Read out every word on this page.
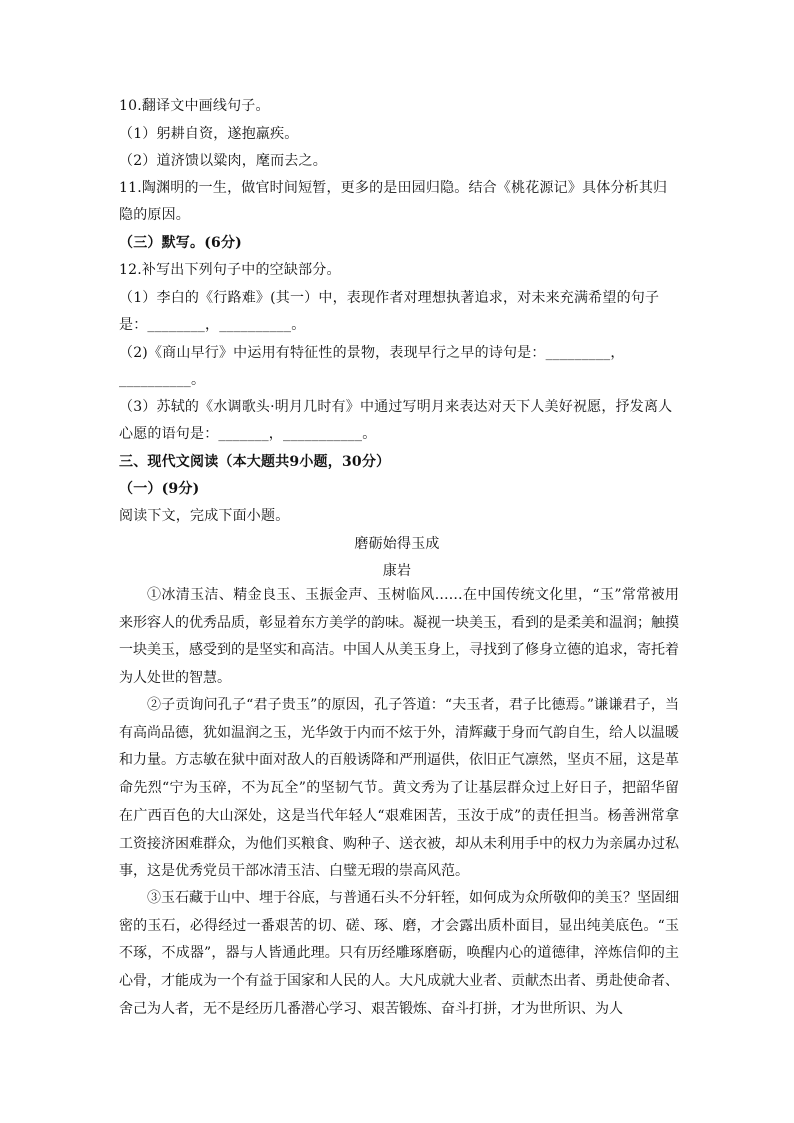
10.翻译文中画线句子。
（1）躬耕自资，遂抱羸疾。
（2）道济馈以粱肉，麾而去之。
11.陶渊明的一生，做官时间短暂，更多的是田园归隐。结合《桃花源记》具体分析其归
隐的原因。
（三）默写。(6分)
12.补写出下列句子中的空缺部分。
（1）李白的《行路难》(其一）中，表现作者对理想执著追求，对未来充满希望的句子
是：________，__________。
（2)《商山早行》中运用有特征性的景物，表现早行之早的诗句是：_________，
__________。
（3）苏轼的《水调歌头·明月几时有》中通过写明月来表达对天下人美好祝愿，抒发离人
心愿的语句是：_______，___________。
三、现代文阅读（本大题共9小题，30分）
（一）(9分)
阅读下文，完成下面小题。
磨砺始得玉成
康岩

①冰清玉洁、精金良玉、玉振金声、玉树临风……在中国传统文化里，“玉”常常被用来形容人的优秀品质，彰显着东方美学的韵味。凝视一块美玉，看到的是柔美和温润；触摸一块美玉，感受到的是坚实和高洁。中国人从美玉身上，寻找到了修身立德的追求，寄托着为人处世的智慧。

②子贡询问孔子“君子贵玉”的原因，孔子答道：“夫玉者，君子比德焉。”谦谦君子，当有高尚品德，犹如温润之玉，光华敛于内而不炫于外，清辉藏于身而气韵自生，给人以温暖和力量。方志敏在狱中面对敌人的百般诱降和严刑逼供，依旧正气凛然，坚贞不屈，这是革命先烈“宁为玉碎，不为瓦全”的坚韧气节。黄文秀为了让基层群众过上好日子，把韶华留在广西百色的大山深处，这是当代年轻人“艰难困苦，玉汝于成”的责任担当。杨善洲常拿工资接济困难群众，为他们买粮食、购种子、送衣被，却从未利用手中的权力为亲属办过私事，这是优秀党员干部冰清玉洁、白璧无瑕的崇高风范。

③玉石藏于山中、埋于谷底，与普通石头不分轩轾，如何成为众所敬仰的美玉？坚固细密的玉石，必得经过一番艰苦的切、磋、琢、磨，才会露出质朴面目，显出纯美底色。“玉不琢，不成器”，器与人皆通此理。只有历经雕琢磨砺，唤醒内心的道德律，淬炼信仰的主心骨，才能成为一个有益于国家和人民的人。大凡成就大业者、贡献杰出者、勇赴使命者、舍己为人者，无不是经历几番潜心学习、艰苦锻炼、奋斗打拼，才为世所识、为人
